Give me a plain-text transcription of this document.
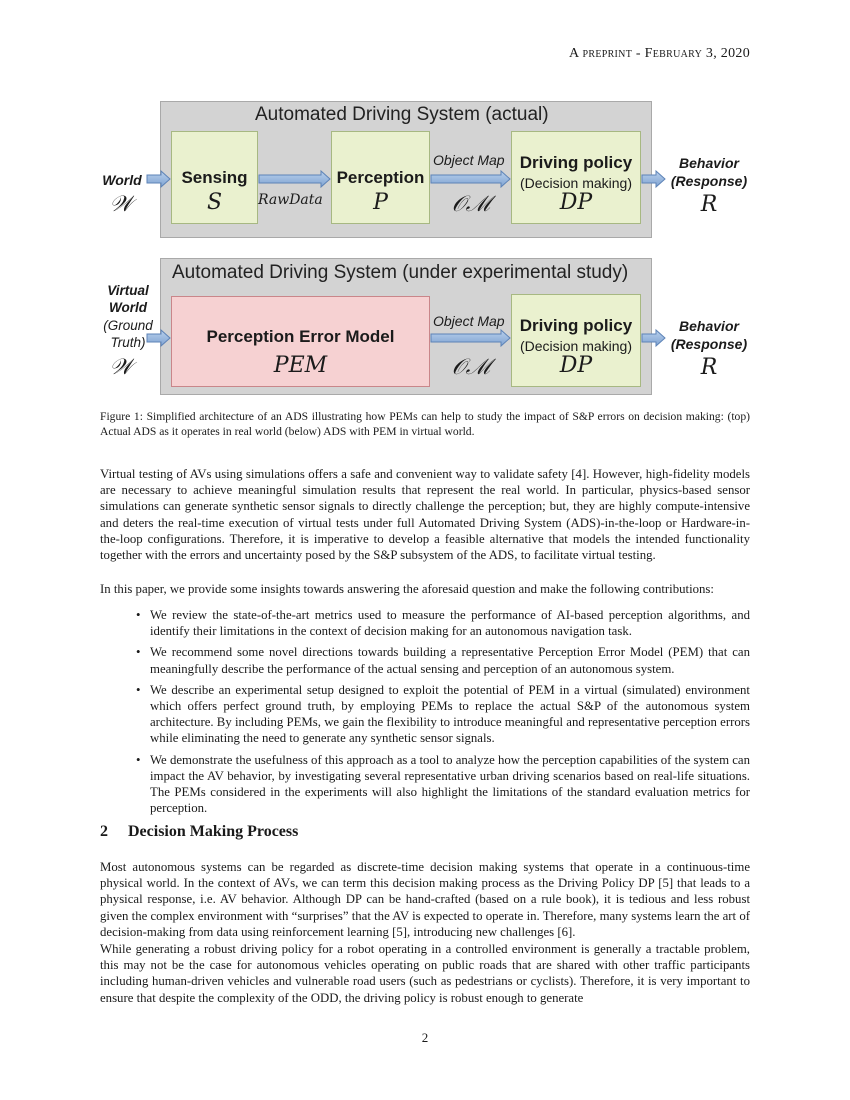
A preprint - February 3, 2020
Automated Driving System (actual)
World
𝒲
Sensing
S	RawData
Perception
P
Object Map
𝒪ℳ
Driving policy
(Decision making)
DP
Behavior
(Response)
R
Automated Driving System (under experimental study)
Virtual
World
(Ground
Truth)
𝒲
Perception Error Model
PEM
Object Map
𝒪ℳ
Driving policy
(Decision making)
DP
Behavior
(Response)
R
Figure 1: Simplified architecture of an ADS illustrating how PEMs can help to study the impact of S&P errors on decision making: (top) Actual ADS as it operates in real world (below) ADS with PEM in virtual world.
Virtual testing of AVs using simulations offers a safe and convenient way to validate safety [4]. However, high-fidelity models are necessary to achieve meaningful simulation results that represent the real world. In particular, physics-based sensor simulations can generate synthetic sensor signals to directly challenge the perception; but, they are highly compute-intensive and deters the real-time execution of virtual tests under full Automated Driving System (ADS)-in-the-loop or Hardware-in-the-loop configurations. Therefore, it is imperative to develop a feasible alternative that models the intended functionality together with the errors and uncertainty posed by the S&P subsystem of the ADS, to facilitate virtual testing.
In this paper, we provide some insights towards answering the aforesaid question and make the following contributions:
• We review the state-of-the-art metrics used to measure the performance of AI-based perception algorithms, and identify their limitations in the context of decision making for an autonomous navigation task.
• We recommend some novel directions towards building a representative Perception Error Model (PEM) that can meaningfully describe the performance of the actual sensing and perception of an autonomous system.
• We describe an experimental setup designed to exploit the potential of PEM in a virtual (simulated) environment which offers perfect ground truth, by employing PEMs to replace the actual S&P of the autonomous system architecture. By including PEMs, we gain the flexibility to introduce meaningful and representative perception errors while eliminating the need to generate any synthetic sensor signals.
• We demonstrate the usefulness of this approach as a tool to analyze how the perception capabilities of the system can impact the AV behavior, by investigating several representative urban driving scenarios based on real-life situations. The PEMs considered in the experiments will also highlight the limitations of the standard evaluation metrics for perception.
2 Decision Making Process
Most autonomous systems can be regarded as discrete-time decision making systems that operate in a continuous-time physical world. In the context of AVs, we can term this decision making process as the Driving Policy DP [5] that leads to a physical response, i.e. AV behavior. Although DP can be hand-crafted (based on a rule book), it is tedious and less robust given the complex environment with “surprises” that the AV is expected to operate in. Therefore, many systems learn the art of decision-making from data using reinforcement learning [5], introducing new challenges [6].
While generating a robust driving policy for a robot operating in a controlled environment is generally a tractable problem, this may not be the case for autonomous vehicles operating on public roads that are shared with other traffic participants including human-driven vehicles and vulnerable road users (such as pedestrians or cyclists). Therefore, it is very important to ensure that despite the complexity of the ODD, the driving policy is robust enough to generate
2
